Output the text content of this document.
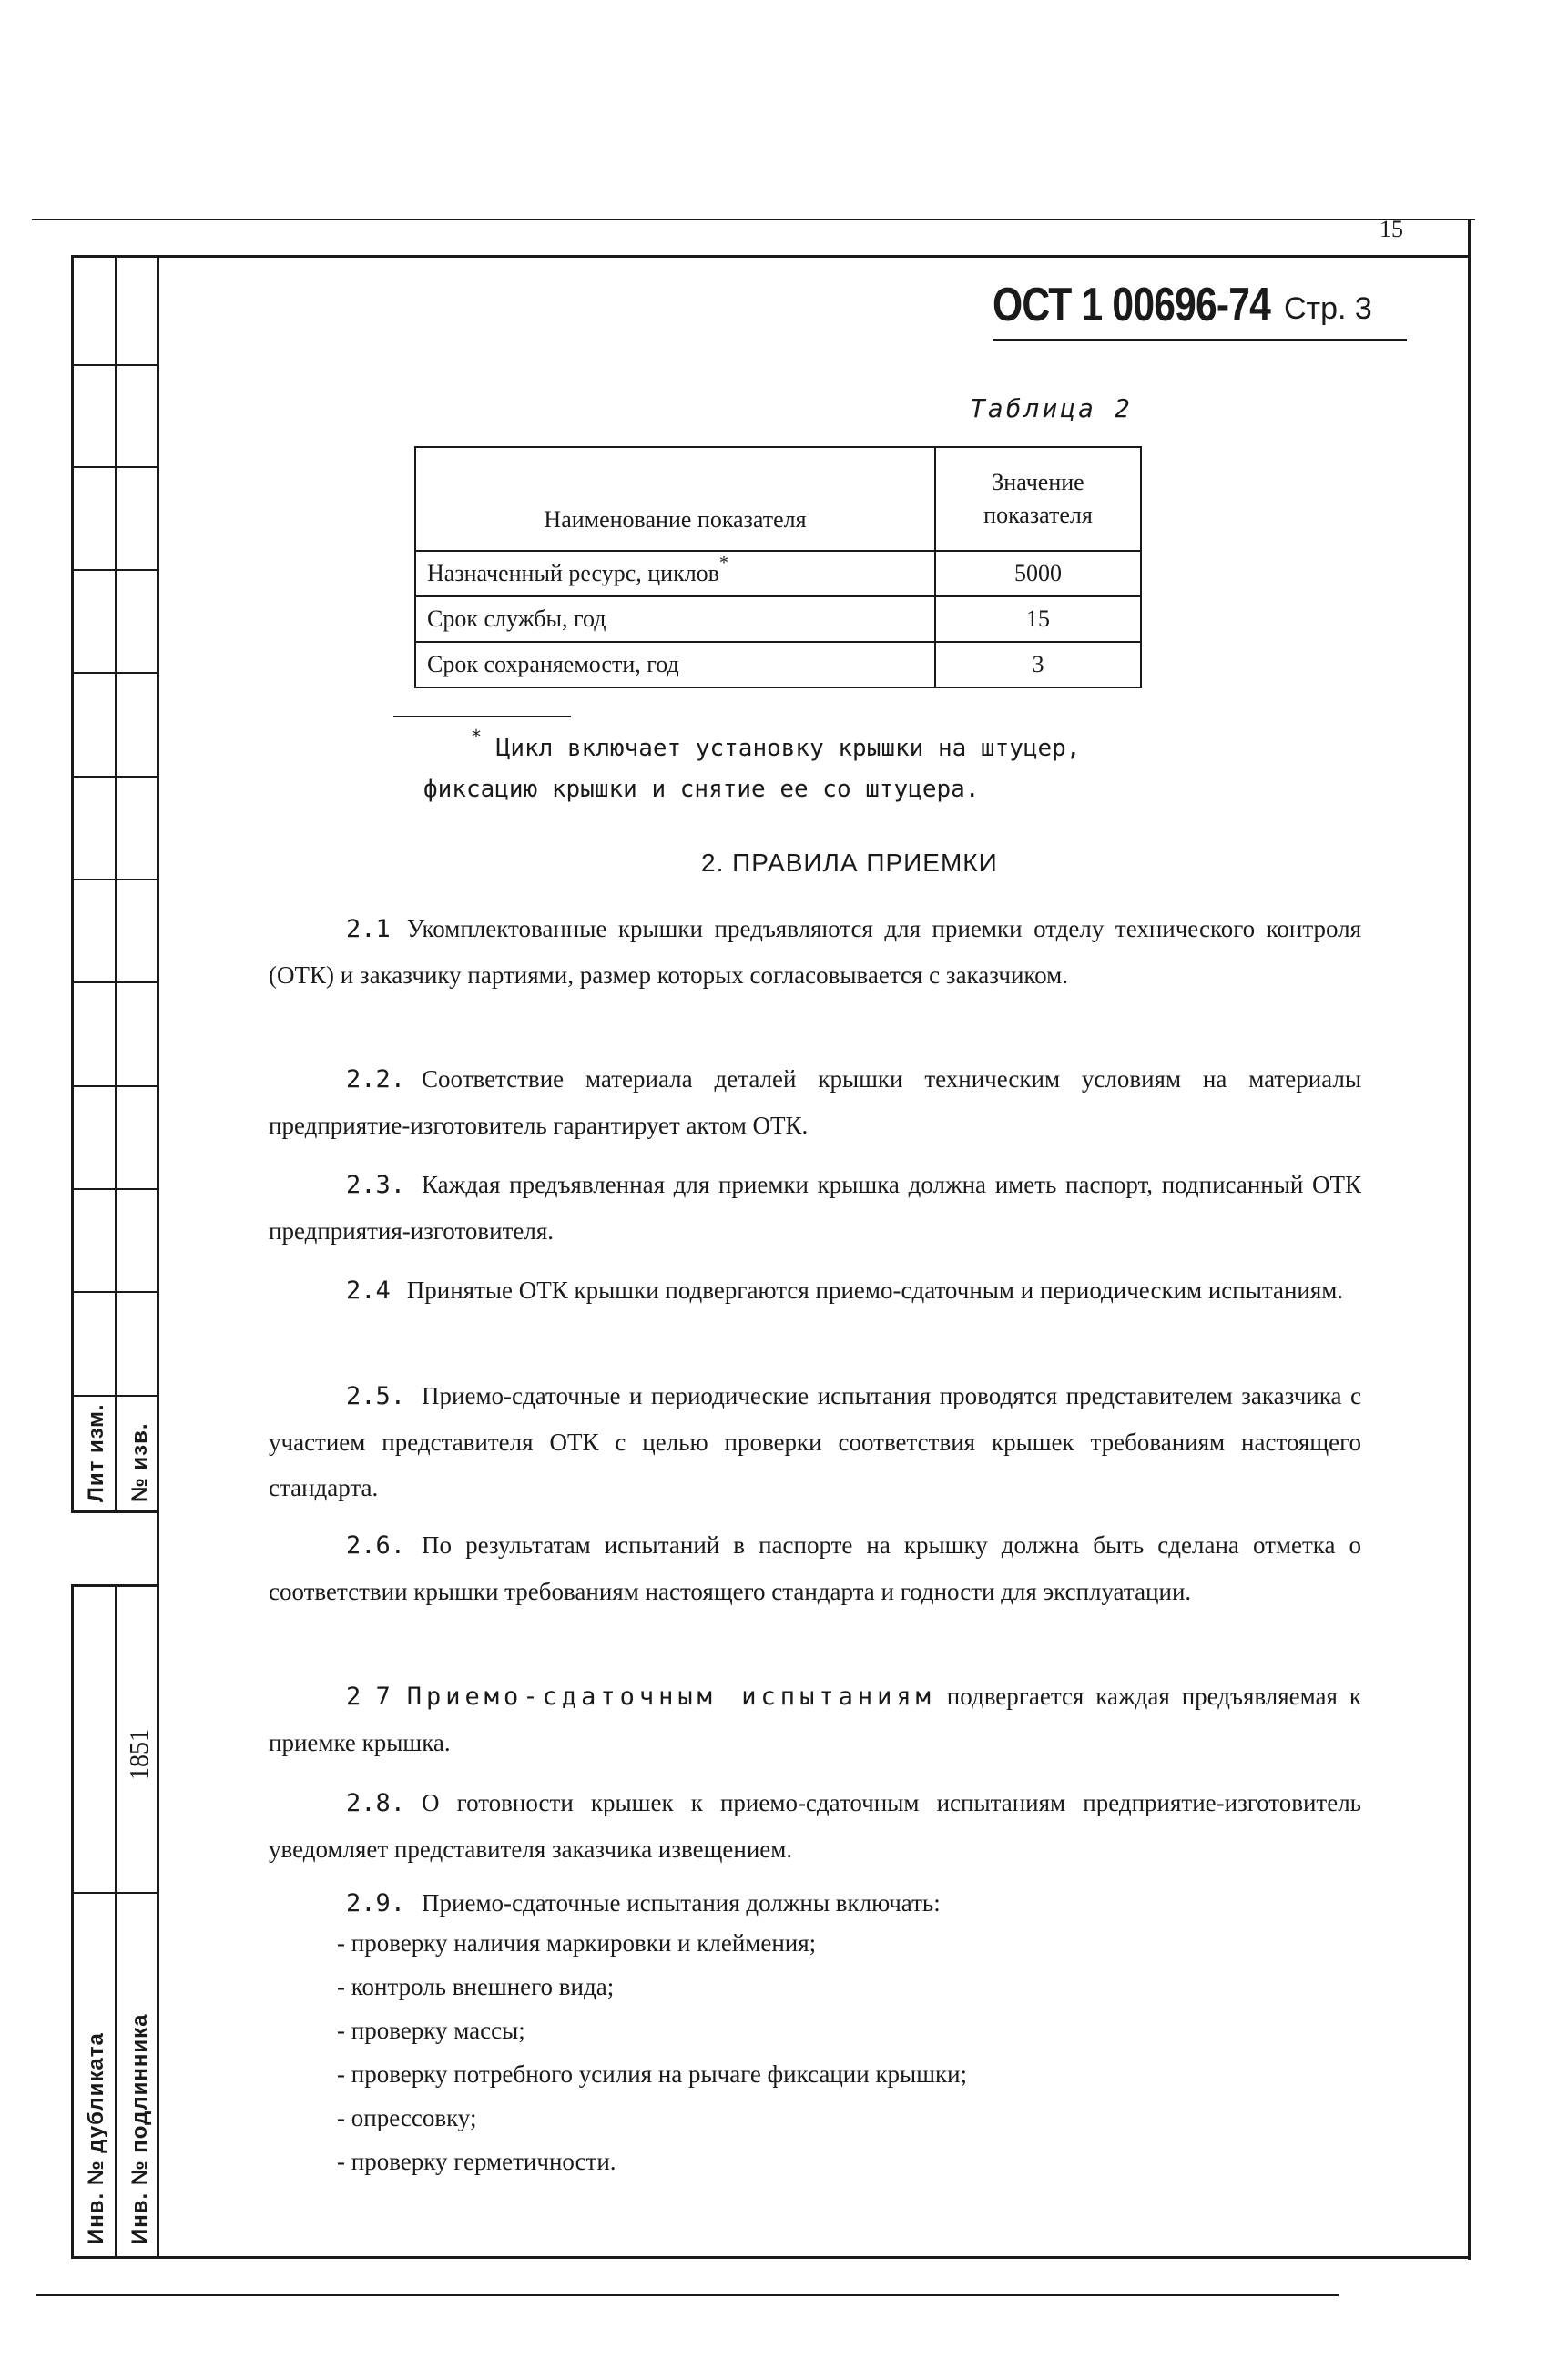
Лит изм. № изв.
1851
Инв. № дубликата Инв. № подлинника
15
ОСТ 1 00696-74 Стр. 3
Таблица 2
Наименование показателя	Значение показателя
Назначенный ресурс, циклов*	5000
Срок службы, год	15
Срок сохраняемости, год	3
* Цикл включает установку крышки на штуцер,
фиксацию крышки и снятие ее со штуцера.
2. ПРАВИЛА ПРИЕМКИ
2.1 Укомплектованные крышки предъявляются для приемки отделу технического контроля (ОТК) и заказчику партиями, размер которых согласовывается с заказчиком.
2.2. Соответствие материала деталей крышки техническим условиям на материалы предприятие-изготовитель гарантирует актом ОТК.
2.3. Каждая предъявленная для приемки крышка должна иметь паспорт, подписанный ОТК предприятия-изготовителя.
2.4 Принятые ОТК крышки подвергаются приемо-сдаточным и периодическим испытаниям.
2.5. Приемо-сдаточные и периодические испытания проводятся представителем заказчика с участием представителя ОТК с целью проверки соответствия крышек требованиям настоящего стандарта.
2.6. По результатам испытаний в паспорте на крышку должна быть сделана отметка о соответствии крышки требованиям настоящего стандарта и годности для эксплуатации.
2 7 Приемо-сдаточным испытаниям подвергается каждая предъявляемая к приемке крышка.
2.8. О готовности крышек к приемо-сдаточным испытаниям предприятие-изготовитель уведомляет представителя заказчика извещением.
2.9. Приемо-сдаточные испытания должны включать:
- проверку наличия маркировки и клеймения;
- контроль внешнего вида;
- проверку массы;
- проверку потребного усилия на рычаге фиксации крышки;
- опрессовку;
- проверку герметичности.
